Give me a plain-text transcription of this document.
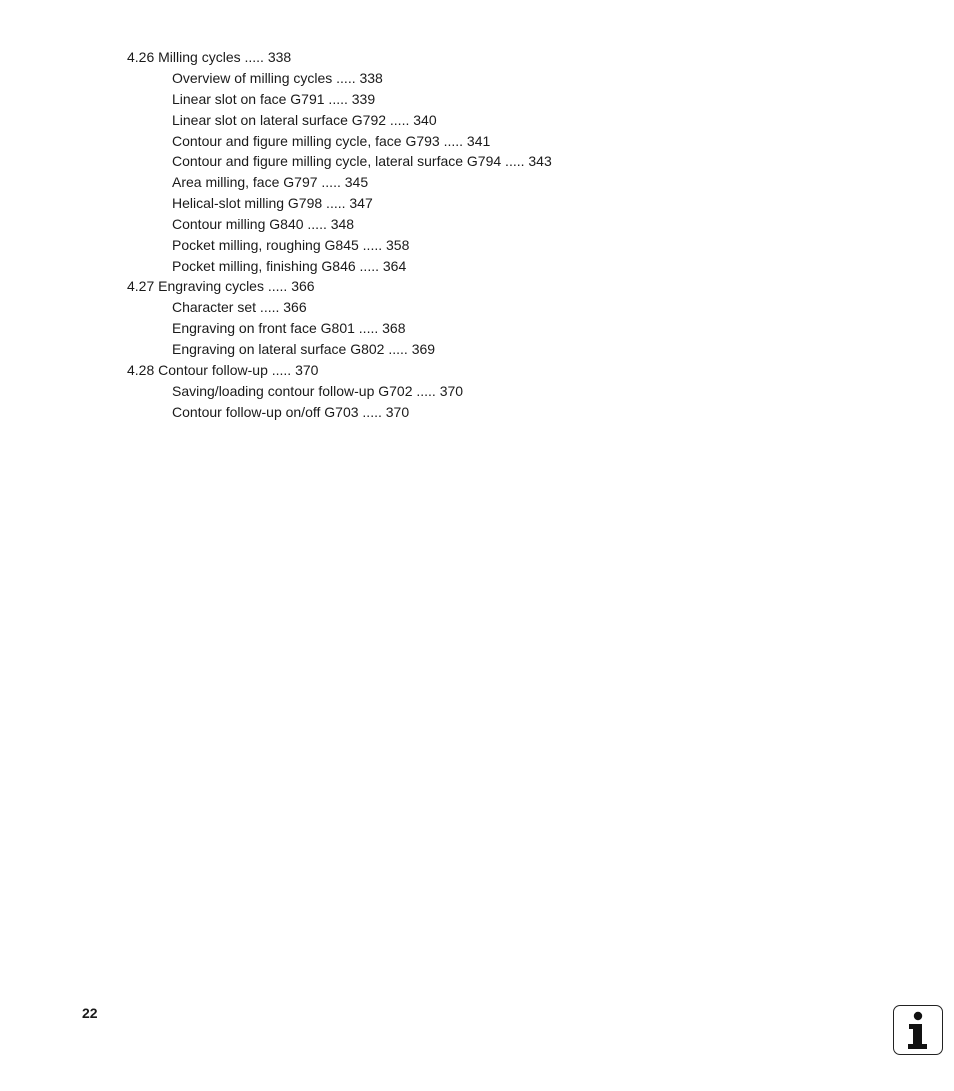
4.26 Milling cycles ..... 338
Overview of milling cycles ..... 338
Linear slot on face G791 ..... 339
Linear slot on lateral surface G792 ..... 340
Contour and figure milling cycle, face G793 ..... 341
Contour and figure milling cycle, lateral surface G794 ..... 343
Area milling, face G797 ..... 345
Helical-slot milling G798 ..... 347
Contour milling G840 ..... 348
Pocket milling, roughing G845 ..... 358
Pocket milling, finishing G846 ..... 364
4.27 Engraving cycles ..... 366
Character set ..... 366
Engraving on front face G801 ..... 368
Engraving on lateral surface G802 ..... 369
4.28 Contour follow-up ..... 370
Saving/loading contour follow-up G702 ..... 370
Contour follow-up on/off G703 ..... 370
22
